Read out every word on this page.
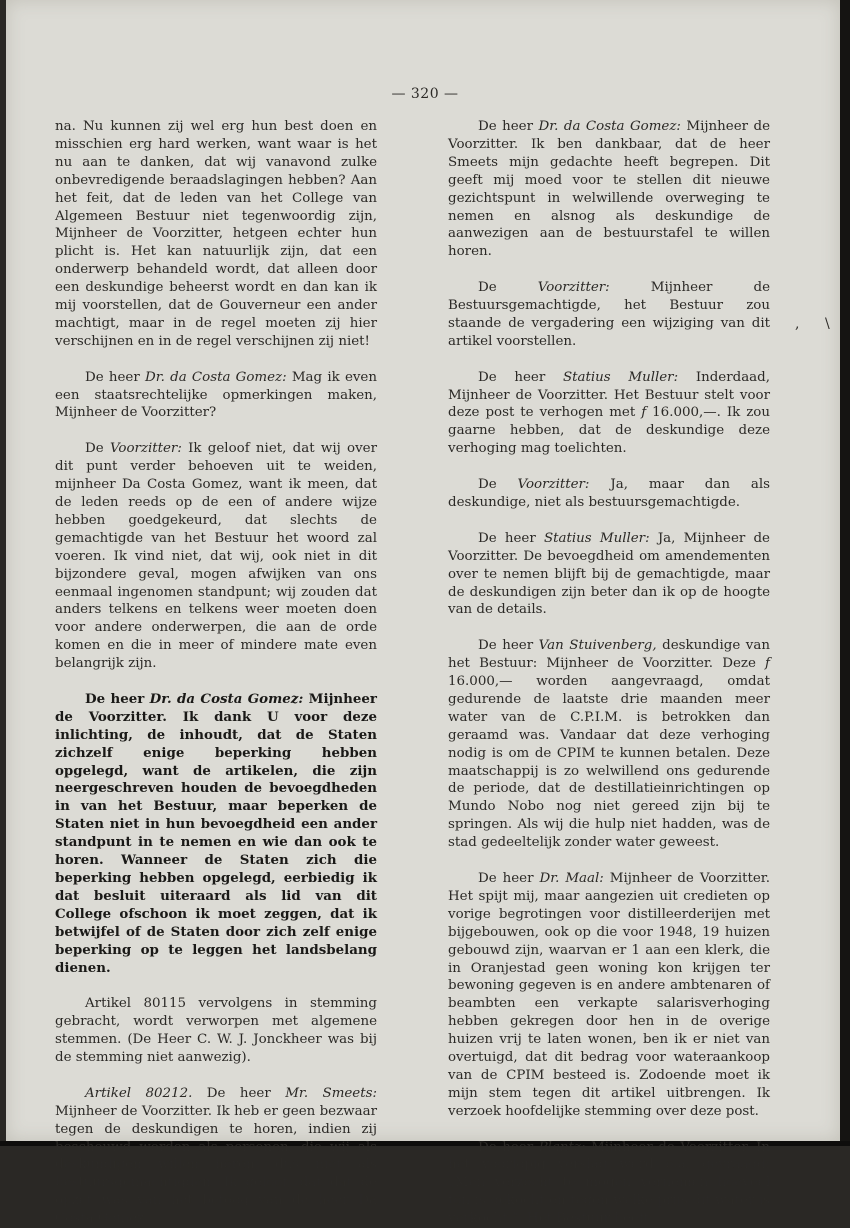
— 320 —

na. Nu kunnen zij wel erg hun best doen en misschien erg hard werken, want waar is het nu aan te danken, dat wij vanavond zulke onbevredigende beraadslagingen hebben? Aan het feit, dat de leden van het College van Algemeen Bestuur niet tegenwoordig zijn, Mijnheer de Voorzitter, hetgeen echter hun plicht is. Het kan natuurlijk zijn, dat een onderwerp behandeld wordt, dat alleen door een deskundige beheerst wordt en dan kan ik mij voorstellen, dat de Gouverneur een ander machtigt, maar in de regel moeten zij hier verschijnen en in de regel verschijnen zij niet!

De heer Dr. da Costa Gomez: Mag ik even een staatsrechtelijke opmerkingen maken, Mijnheer de Voorzitter?

De Voorzitter: Ik geloof niet, dat wij over dit punt verder behoeven uit te weiden, mijnheer Da Costa Gomez, want ik meen, dat de leden reeds op de een of andere wijze hebben goedgekeurd, dat slechts de gemachtigde van het Bestuur het woord zal voeren. Ik vind niet, dat wij, ook niet in dit bijzondere geval, mogen afwijken van ons eenmaal ingenomen standpunt; wij zouden dat anders telkens en telkens weer moeten doen voor andere onderwerpen, die aan de orde komen en die in meer of mindere mate even belangrijk zijn.

De heer Dr. da Costa Gomez: Mijnheer de Voorzitter. Ik dank U voor deze inlichting, de inhoudt, dat de Staten zichzelf enige beperking hebben opgelegd, want de artikelen, die zijn neergeschreven houden de bevoegdheden in van het Bestuur, maar beperken de Staten niet in hun bevoegdheid een ander standpunt in te nemen en wie dan ook te horen. Wanneer de Staten zich die beperking hebben opgelegd, eerbiedig ik dat besluit uiteraard als lid van dit College ofschoon ik moet zeggen, dat ik betwijfel of de Staten door zich zelf enige beperking op te leggen het landsbelang dienen.

Artikel 80115 vervolgens in stemming gebracht, wordt verworpen met algemene stemmen. (De Heer C. W. J. Jonckheer was bij de stemming niet aanwezig).

Artikel 80212. De heer Mr. Smeets: Mijnheer de Voorzitter. Ik heb er geen bezwaar tegen de deskundigen te horen, indien zij beschouwd worden als personen, die wij als deskundigen willen horen, dus niet als bestuursgemachtigden. Ik geloof, dat dat de opzet was van het betoog van de heer Da Costa Gomez.

De heer Dr. da Costa Gomez: Mijnheer de Voorzitter. Ik ben dankbaar, dat de heer Smeets mijn gedachte heeft begrepen. Dit geeft mij moed voor te stellen dit nieuwe gezichtspunt in welwillende overweging te nemen en alsnog als deskundige de aanwezigen aan de bestuurstafel te willen horen.

De Voorzitter: Mijnheer de Bestuursgemachtigde, het Bestuur zou staande de vergadering een wijziging van dit artikel voorstellen.

De heer Statius Muller: Inderdaad, Mijnheer de Voorzitter. Het Bestuur stelt voor deze post te verhogen met f 16.000,—. Ik zou gaarne hebben, dat de deskundige deze verhoging mag toelichten.

De Voorzitter: Ja, maar dan als deskundige, niet als bestuursgemachtigde.

De heer Statius Muller: Ja, Mijnheer de Voorzitter. De bevoegdheid om amendementen over te nemen blijft bij de gemachtigde, maar de deskundigen zijn beter dan ik op de hoogte van de details.

De heer Van Stuivenberg, deskundige van het Bestuur: Mijnheer de Voorzitter. Deze f 16.000,— worden aangevraagd, omdat gedurende de laatste drie maanden meer water van de C.P.I.M. is betrokken dan geraamd was. Vandaar dat deze verhoging nodig is om de CPIM te kunnen betalen. Deze maatschappij is zo welwillend ons gedurende de periode, dat de destillatieinrichtingen op Mundo Nobo nog niet gereed zijn bij te springen. Als wij die hulp niet hadden, was de stad gedeeltelijk zonder water geweest.

De heer Dr. Maal: Mijnheer de Voorzitter. Het spijt mij, maar aangezien uit credieten op vorige begrotingen voor distilleerderijen met bijgebouwen, ook op die voor 1948, 19 huizen gebouwd zijn, waarvan er 1 aan een klerk, die in Oranjestad geen woning kon krijgen ter bewoning gegeven is en andere ambtenaren of beambten een verkapte salarisverhoging hebben gekregen door hen in de overige huizen vrij te laten wonen, ben ik er niet van overtuigd, dat dit bedrag voor wateraankoop van de CPIM besteed is. Zodoende moet ik mijn stem tegen dit artikel uitbrengen. Ik verzoek hoofdelijke stemming over deze post.

De heer Plantz: Mijnheer de Voorzitter. In het voorlopig verslag werd o.a. gevraagd: „Men verzocht te mogen vernemen hoeveel ton is gekocht en tegen welke prijs dit water is verkocht.”. Het Bestuur heeft

, \
